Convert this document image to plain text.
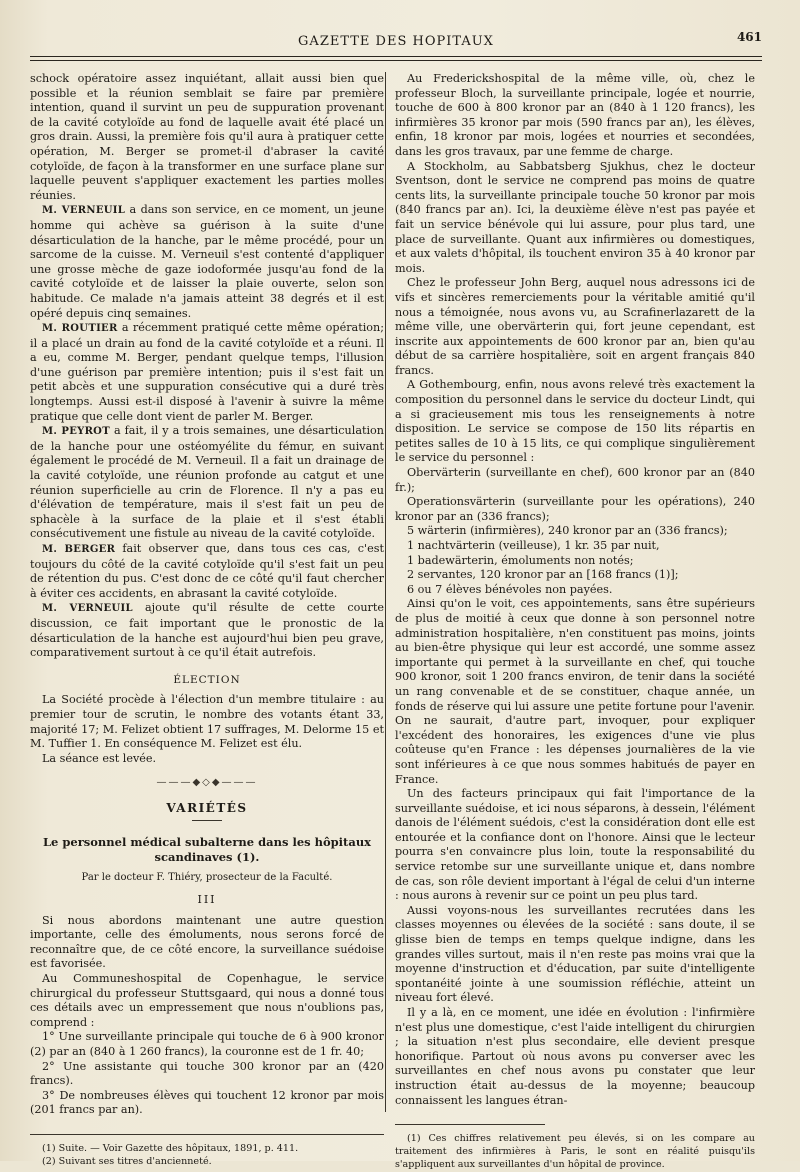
GAZETTE DES HOPITAUX	461

schock opératoire assez inquiétant, allait aussi bien que possible et la réunion semblait se faire par première intention, quand il survint un peu de suppuration provenant de la cavité cotyloïde au fond de laquelle avait été placé un gros drain. Aussi, la première fois qu'il aura à pratiquer cette opération, M. Berger se promet-il d'abraser la cavité cotyloïde, de façon à la transformer en une surface plane sur laquelle peuvent s'appliquer exactement les parties molles réunies.

M. VERNEUIL a dans son service, en ce moment, un jeune homme qui achève sa guérison à la suite d'une désarticulation de la hanche, par le même procédé, pour un sarcome de la cuisse. M. Verneuil s'est contenté d'appliquer une grosse mèche de gaze iodoformée jusqu'au fond de la cavité cotyloïde et de laisser la plaie ouverte, selon son habitude. Ce malade n'a jamais atteint 38 degrés et il est opéré depuis cinq semaines.

M. ROUTIER a récemment pratiqué cette même opération; il a placé un drain au fond de la cavité cotyloïde et a réuni. Il a eu, comme M. Berger, pendant quelque temps, l'illusion d'une guérison par première intention; puis il s'est fait un petit abcès et une suppuration consécutive qui a duré très longtemps. Aussi est-il disposé à l'avenir à suivre la même pratique que celle dont vient de parler M. Berger.

M. PEYROT a fait, il y a trois semaines, une désarticulation de la hanche pour une ostéomyélite du fémur, en suivant également le procédé de M. Verneuil. Il a fait un drainage de la cavité cotyloïde, une réunion profonde au catgut et une réunion superficielle au crin de Florence. Il n'y a pas eu d'élévation de température, mais il s'est fait un peu de sphacèle à la surface de la plaie et il s'est établi consécutivement une fistule au niveau de la cavité cotyloïde.

M. BERGER fait observer que, dans tous ces cas, c'est toujours du côté de la cavité cotyloïde qu'il s'est fait un peu de rétention du pus. C'est donc de ce côté qu'il faut chercher à éviter ces accidents, en abrasant la cavité cotyloïde.

M. VERNEUIL ajoute qu'il résulte de cette courte discussion, ce fait important que le pronostic de la désarticulation de la hanche est aujourd'hui bien peu grave, comparativement surtout à ce qu'il était autrefois.

ÉLECTION

La Société procède à l'élection d'un membre titulaire : au premier tour de scrutin, le nombre des votants étant 33, majorité 17; M. Felizet obtient 17 suffrages, M. Delorme 15 et M. Tuffier 1. En conséquence M. Felizet est élu.

La séance est levée.

———◆◇◆———

VARIÉTÉS

Le personnel médical subalterne dans les hôpitaux scandinaves (1).

Par le docteur F. Thiéry, prosecteur de la Faculté.

III

Si nous abordons maintenant une autre question importante, celle des émoluments, nous serons forcé de reconnaître que, de ce côté encore, la surveillance suédoise est favorisée.

Au Communeshospital de Copenhague, le service chirurgical du professeur Stuttsgaard, qui nous a donné tous ces détails avec un empressement que nous n'oublions pas, comprend :

1° Une surveillante principale qui touche de 6 à 900 kronor (2) par an (840 à 1 260 francs), la couronne est de 1 fr. 40;

2° Une assistante qui touche 300 kronor par an (420 francs).

3° De nombreuses élèves qui touchent 12 kronor par mois (201 francs par an).

(1) Suite. — Voir Gazette des hôpitaux, 1891, p. 411.

(2) Suivant ses titres d'ancienneté.

Au Frederickshospital de la même ville, où, chez le professeur Bloch, la surveillante principale, logée et nourrie, touche de 600 à 800 kronor par an (840 à 1 120 francs), les infirmières 35 kronor par mois (590 francs par an), les élèves, enfin, 18 kronor par mois, logées et nourries et secondées, dans les gros travaux, par une femme de charge.

A Stockholm, au Sabbatsberg Sjukhus, chez le docteur Sventson, dont le service ne comprend pas moins de quatre cents lits, la surveillante principale touche 50 kronor par mois (840 francs par an). Ici, la deuxième élève n'est pas payée et fait un service bénévole qui lui assure, pour plus tard, une place de surveillante. Quant aux infirmières ou domestiques, et aux valets d'hôpital, ils touchent environ 35 à 40 kronor par mois.

Chez le professeur John Berg, auquel nous adressons ici de vifs et sincères remerciements pour la véritable amitié qu'il nous a témoignée, nous avons vu, au Scrafinerlazarett de la même ville, une obervärterin qui, fort jeune cependant, est inscrite aux appointements de 600 kronor par an, bien qu'au début de sa carrière hospitalière, soit en argent français 840 francs.

A Gothembourg, enfin, nous avons relevé très exactement la composition du personnel dans le service du docteur Lindt, qui a si gracieusement mis tous les renseignements à notre disposition. Le service se compose de 150 lits répartis en petites salles de 10 à 15 lits, ce qui complique singulièrement le service du personnel :

Obervärterin (surveillante en chef), 600 kronor par an (840 fr.);

Operationsvärterin (surveillante pour les opérations), 240 kronor par an (336 francs);

5 wärterin (infirmières), 240 kronor par an (336 francs);

1 nachtvärterin (veilleuse), 1 kr. 35 par nuit,

1 badewärterin, émoluments non notés;

2 servantes, 120 kronor par an [168 francs (1)];

6 ou 7 élèves bénévoles non payées.

Ainsi qu'on le voit, ces appointements, sans être supérieurs de plus de moitié à ceux que donne à son personnel notre administration hospitalière, n'en constituent pas moins, joints au bien-être physique qui leur est accordé, une somme assez importante qui permet à la surveillante en chef, qui touche 900 kronor, soit 1 200 francs environ, de tenir dans la société un rang convenable et de se constituer, chaque année, un fonds de réserve qui lui assure une petite fortune pour l'avenir. On ne saurait, d'autre part, invoquer, pour expliquer l'excédent des honoraires, les exigences d'une vie plus coûteuse qu'en France : les dépenses journalières de la vie sont inférieures à ce que nous sommes habitués de payer en France.

Un des facteurs principaux qui fait l'importance de la surveillante suédoise, et ici nous séparons, à dessein, l'élément danois de l'élément suédois, c'est la considération dont elle est entourée et la confiance dont on l'honore. Ainsi que le lecteur pourra s'en convaincre plus loin, toute la responsabilité du service retombe sur une surveillante unique et, dans nombre de cas, son rôle devient important à l'égal de celui d'un interne : nous aurons à revenir sur ce point un peu plus tard.

Aussi voyons-nous les surveillantes recrutées dans les classes moyennes ou élevées de la société : sans doute, il se glisse bien de temps en temps quelque indigne, dans les grandes villes surtout, mais il n'en reste pas moins vrai que la moyenne d'instruction et d'éducation, par suite d'intelligente spontanéité jointe à une soumission réfléchie, atteint un niveau fort élevé.

Il y a là, en ce moment, une idée en évolution : l'infirmière n'est plus une domestique, c'est l'aide intelligent du chirurgien ; la situation n'est plus secondaire, elle devient presque honorifique. Partout où nous avons pu converser avec les surveillantes en chef nous avons pu constater que leur instruction était au-dessus de la moyenne; beaucoup connaissent les langues étran-

(1) Ces chiffres relativement peu élevés, si on les compare au traitement des infirmières à Paris, le sont en réalité puisqu'ils s'appliquent aux surveillantes d'un hôpital de province.
